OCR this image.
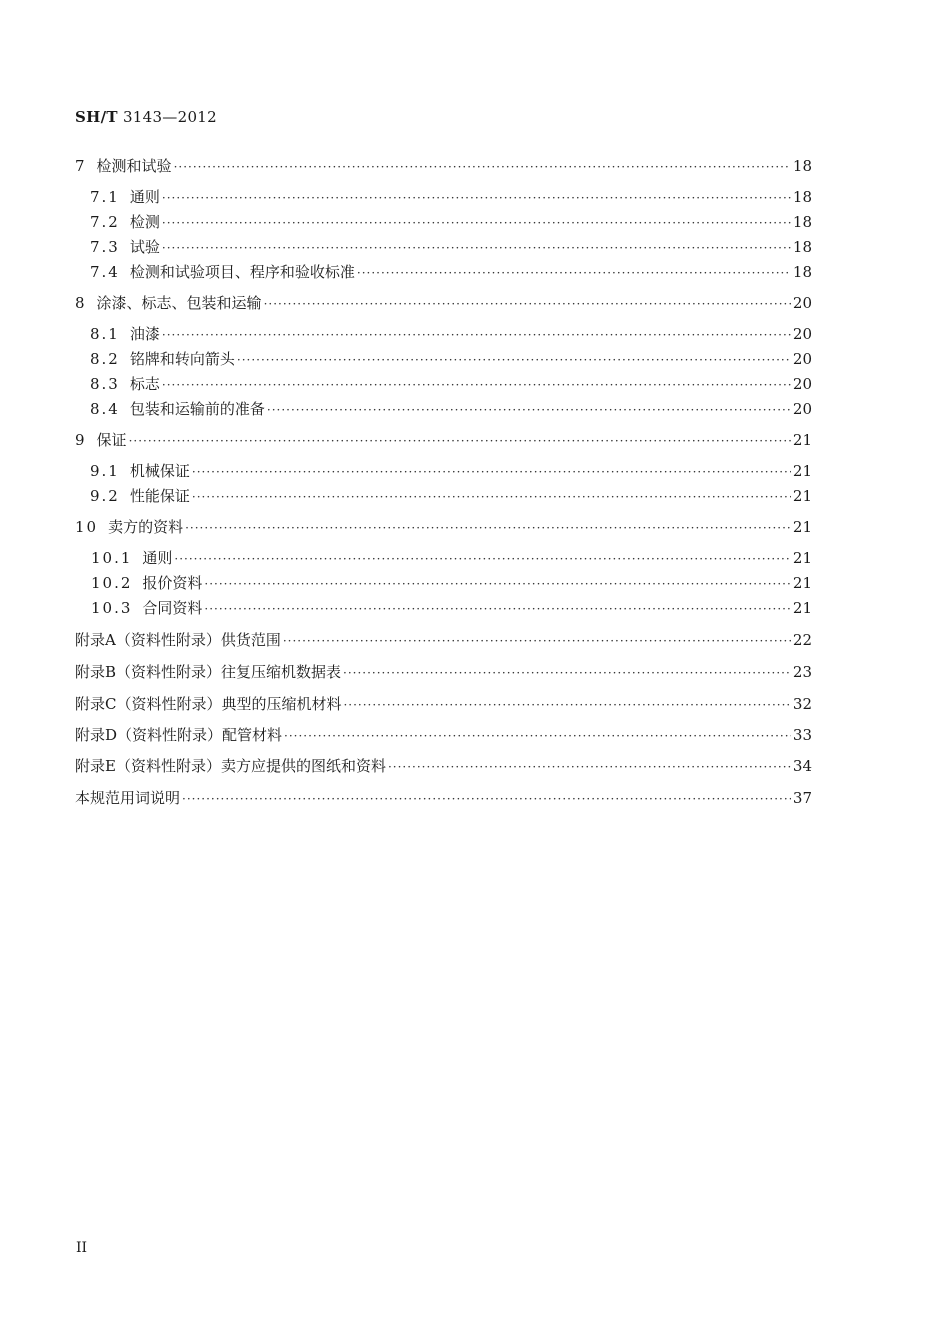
SH/T 3143—2012
7 检测和试验 ·····	18
7.1 通则 ·····	18
7.2 检测 ·····	18
7.3 试验 ·····	18
7.4 检测和试验项目、程序和验收标准 ·····	18
8 涂漆、标志、包装和运输 ·····	20
8.1 油漆 ·····	20
8.2 铭牌和转向箭头 ·····	20
8.3 标志 ·····	20
8.4 包装和运输前的准备 ·····	20
9 保证 ·····	21
9.1 机械保证 ·····	21
9.2 性能保证 ·····	21
10 卖方的资料 ·····	21
10.1 通则 ·····	21
10.2 报价资料 ·····	21
10.3 合同资料 ·····	21
附录A（资料性附录）供货范围 ·····	22
附录B（资料性附录）往复压缩机数据表 ·····	23
附录C（资料性附录）典型的压缩机材料 ·····	32
附录D（资料性附录）配管材料 ·····	33
附录E（资料性附录）卖方应提供的图纸和资料 ·····	34
本规范用词说明 ·····	37
II
